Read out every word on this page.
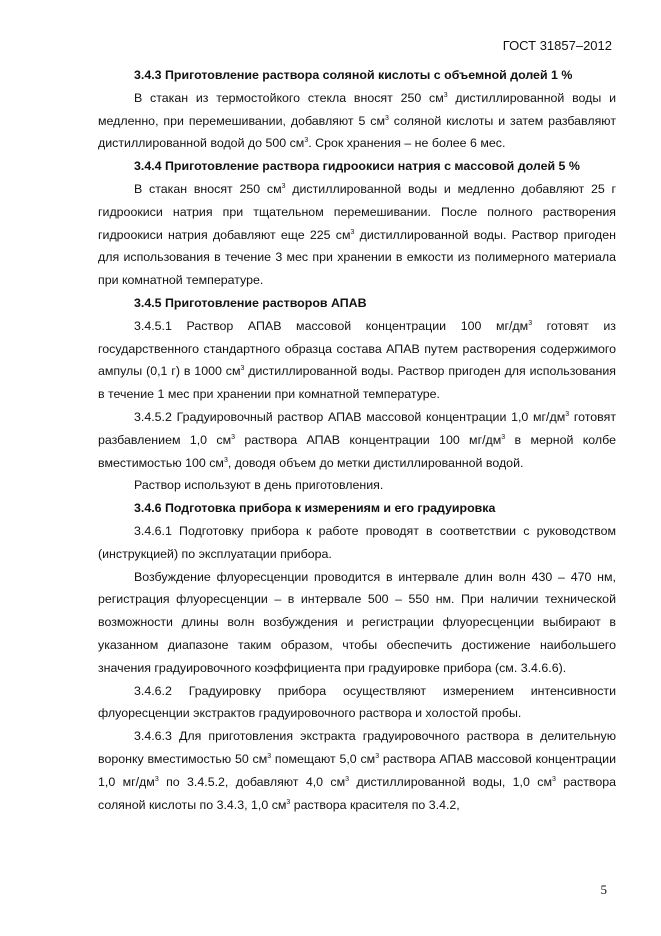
ГОСТ 31857–2012

3.4.3 Приготовление раствора соляной кислоты с объемной долей 1 %

В стакан из термостойкого стекла вносят 250 $см^3$ дистиллированной воды и медленно, при перемешивании, добавляют 5 $см^3$ соляной кислоты и затем разбавляют дистиллированной водой до 500 $см^3$. Срок хранения – не более 6 мес.

3.4.4 Приготовление раствора гидроокиси натрия с массовой долей 5 %

В стакан вносят 250 $см^3$ дистиллированной воды и медленно добавляют 25 г гидроокиси натрия при тщательном перемешивании. После полного растворения гидроокиси натрия добавляют еще 225 $см^3$ дистиллированной воды. Раствор пригоден для использования в течение 3 мес при хранении в емкости из полимерного материала при комнатной температуре.

3.4.5 Приготовление растворов АПАВ

3.4.5.1 Раствор АПАВ массовой концентрации 100 $мг/дм^3$ готовят из государственного стандартного образца состава АПАВ путем растворения содержимого ампулы (0,1 г) в 1000 $см^3$ дистиллированной воды. Раствор пригоден для использования в течение 1 мес при хранении при комнатной температуре.

3.4.5.2 Градуировочный раствор АПАВ массовой концентрации 1,0 $мг/дм^3$ готовят разбавлением 1,0 $см^3$ раствора АПАВ концентрации 100 $мг/дм^3$ в мерной колбе вместимостью 100 $см^3$, доводя объем до метки дистиллированной водой.

Раствор используют в день приготовления.

3.4.6 Подготовка прибора к измерениям и его градуировка

3.4.6.1 Подготовку прибора к работе проводят в соответствии с руководством (инструкцией) по эксплуатации прибора.

Возбуждение флуоресценции проводится в интервале длин волн 430 – 470 нм, регистрация флуоресценции – в интервале 500 – 550 нм. При наличии технической возможности длины волн возбуждения и регистрации флуоресценции выбирают в указанном диапазоне таким образом, чтобы обеспечить достижение наибольшего значения градуировочного коэффициента при градуировке прибора (см. 3.4.6.6).

3.4.6.2 Градуировку прибора осуществляют измерением интенсивности флуоресценции экстрактов градуировочного раствора и холостой пробы.

3.4.6.3 Для приготовления экстракта градуировочного раствора в делительную воронку вместимостью 50 $см^3$ помещают 5,0 $см^3$ раствора АПАВ массовой концентрации 1,0 $мг/дм^3$ по 3.4.5.2, добавляют 4,0 $см^3$ дистиллированной воды, 1,0 $см^3$ раствора соляной кислоты по 3.4.3, 1,0 $см^3$ раствора красителя по 3.4.2,

5
